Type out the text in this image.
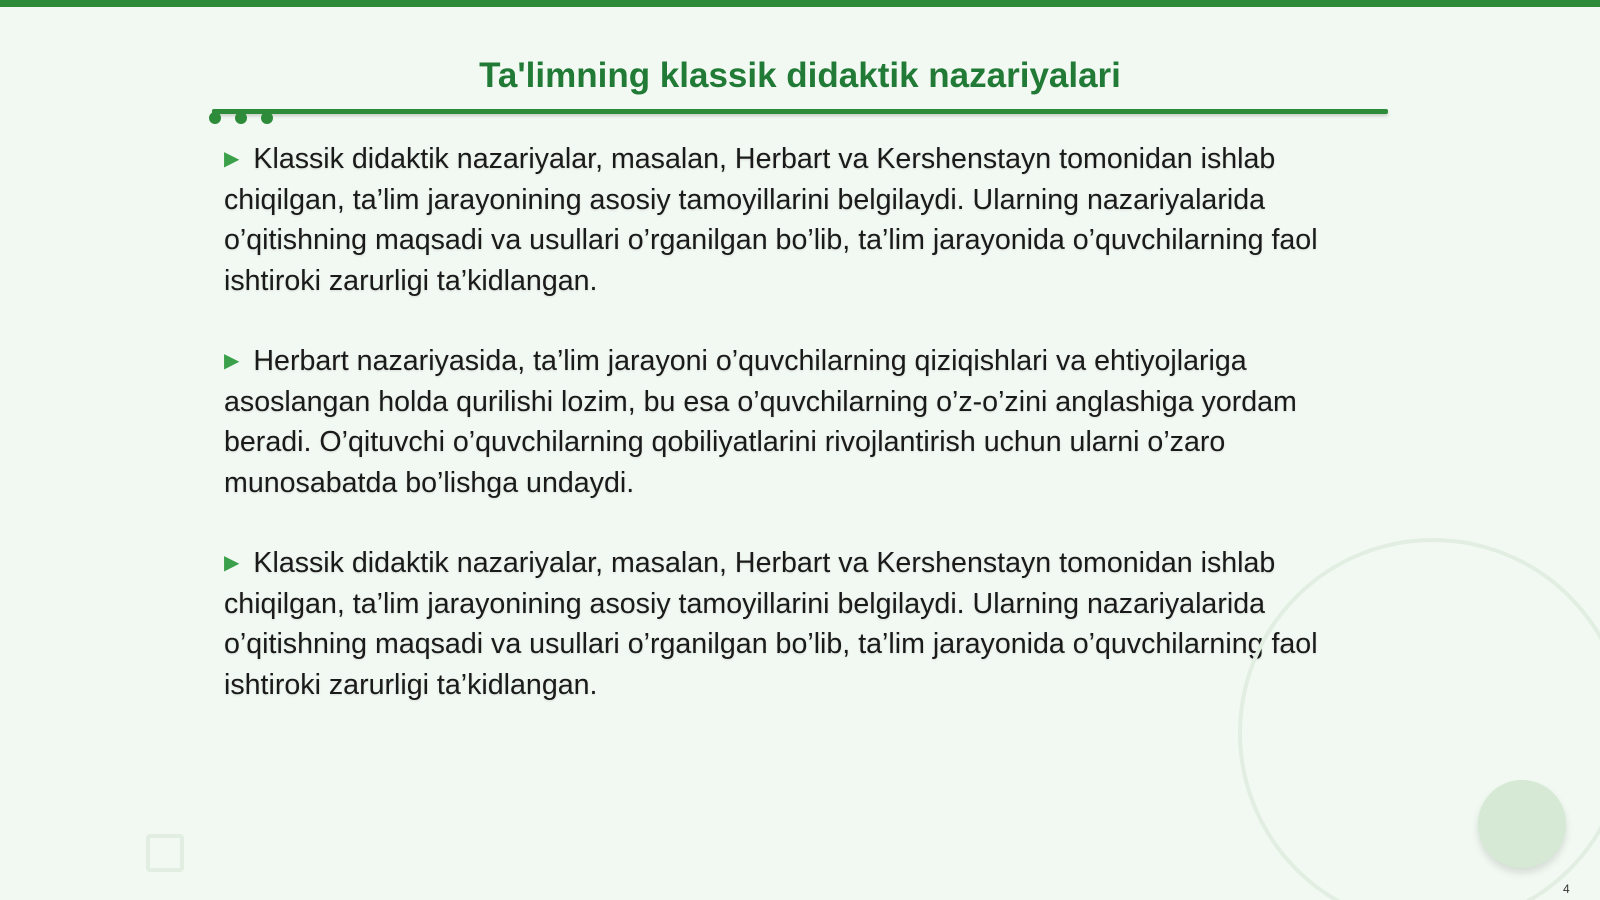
Ta'limning klassik didaktik nazariyalari

▶ Klassik didaktik nazariyalar, masalan, Herbart va Kershenstayn tomonidan ishlab chiqilgan, ta’lim jarayonining asosiy tamoyillarini belgilaydi. Ularning nazariyalarida o’qitishning maqsadi va usullari o’rganilgan bo’lib, ta’lim jarayonida o’quvchilarning faol ishtiroki zarurligi ta’kidlangan.

▶ Herbart nazariyasida, ta’lim jarayoni o’quvchilarning qiziqishlari va ehtiyojlariga asoslangan holda qurilishi lozim, bu esa o’quvchilarning o’z-o’zini anglashiga yordam beradi. O’qituvchi o’quvchilarning qobiliyatlarini rivojlantirish uchun ularni o’zaro munosabatda bo’lishga undaydi.

▶ Klassik didaktik nazariyalar, masalan, Herbart va Kershenstayn tomonidan ishlab chiqilgan, ta’lim jarayonining asosiy tamoyillarini belgilaydi. Ularning nazariyalarida o’qitishning maqsadi va usullari o’rganilgan bo’lib, ta’lim jarayonida o’quvchilarning faol ishtiroki zarurligi ta’kidlangan.

4
